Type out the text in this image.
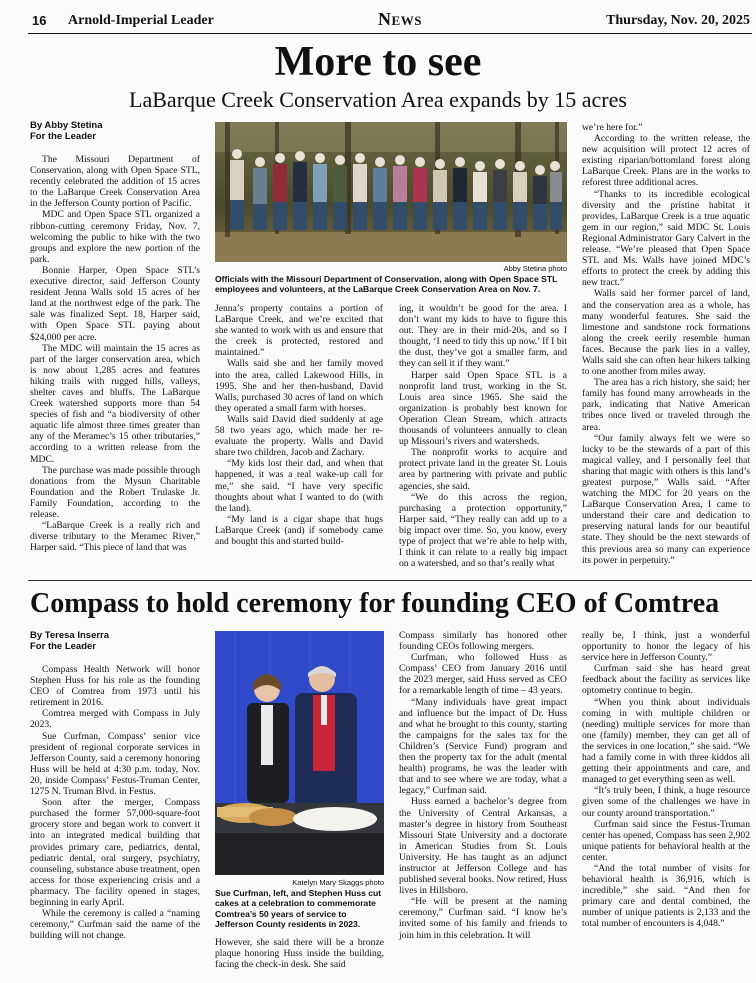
16 Arnold-Imperial Leader	News	Thursday, Nov. 20, 2025
More to see
LaBarque Creek Conservation Area expands by 15 acres
By Abby Stetina
For the Leader

The Missouri Department of Conservation, along with Open Space STL, recently celebrated the addition of 15 acres to the LaBarque Creek Conservation Area in the Jefferson County portion of Pacific.

MDC and Open Space STL organized a ribbon-cutting ceremony Friday, Nov. 7, welcoming the public to hike with the two groups and explore the new portion of the park.

Bonnie Harper, Open Space STL’s executive director, said Jefferson County resident Jenna Walls sold 15 acres of her land at the northwest edge of the park. The sale was finalized Sept. 18, Harper said, with Open Space STL paying about $24,000 per acre.

The MDC will maintain the 15 acres as part of the larger conservation area, which is now about 1,285 acres and features hiking trails with rugged hills, valleys, shelter caves and bluffs. The LaBarque Creek watershed supports more than 54 species of fish and “a biodiversity of other aquatic life almost three times greater than any of the Meramec’s 15 other tributaries,” according to a written release from the MDC.

The purchase was made possible through donations from the Mysun Charitable Foundation and the Robert Trulaske Jr. Family Foundation, according to the release.

“LaBarque Creek is a really rich and diverse tributary to the Meramec River,” Harper said. “This piece of land that was

Abby Stetina photo
Officials with the Missouri Department of Conservation, along with Open Space STL employees and volunteers, at the LaBarque Creek Conservation Area on Nov. 7.

Jenna’s property contains a portion of LaBarque Creek, and we’re excited that she wanted to work with us and ensure that the creek is protected, restored and maintained.”

Walls said she and her family moved into the area, called Lakewood Hills, in 1995. She and her then-husband, David Walls, purchased 30 acres of land on which they operated a small farm with horses.

Walls said David died suddenly at age 58 two years ago, which made her re-evaluate the property. Walls and David share two children, Jacob and Zachary.

“My kids lost their dad, and when that happened, it was a real wake-up call for me,” she said. “I have very specific thoughts about what I wanted to do (with the land).

“My land is a cigar shape that hugs LaBarque Creek (and) if somebody came and bought this and started build-

ing, it wouldn’t be good for the area. I don’t want my kids to have to figure this out. They are in their mid-20s, and so I thought, ‘I need to tidy this up now.’ If I bit the dust, they’ve got a smaller farm, and they can sell it if they want.”

Harper said Open Space STL is a nonprofit land trust, working in the St. Louis area since 1965. She said the organization is probably best known for Operation Clean Stream, which attracts thousands of volunteers annually to clean up Missouri’s rivers and watersheds.

The nonprofit works to acquire and protect private land in the greater St. Louis area by partnering with private and public agencies, she said.

“We do this across the region, purchasing a protection opportunity,” Harper said. “They really can add up to a big impact over time. So, you know, every type of project that we’re able to help with, I think it can relate to a really big impact on a watershed, and so that’s really what

we’re here for.”

According to the written release, the new acquisition will protect 12 acres of existing riparian/bottomland forest along LaBarque Creek. Plans are in the works to reforest three additional acres.

“Thanks to its incredible ecological diversity and the pristine habitat it provides, LaBarque Creek is a true aquatic gem in our region,” said MDC St. Louis Regional Administrator Gary Calvert in the release. “We’re pleased that Open Space STL and Ms. Walls have joined MDC’s efforts to protect the creek by adding this new tract.”

Walls said her former parcel of land, and the conservation area as a whole, has many wonderful features. She said the limestone and sandstone rock formations along the creek eerily resemble human faces. Because the park lies in a valley, Walls said she can often hear hikers talking to one another from miles away.

The area has a rich history, she said; her family has found many arrowheads in the park, indicating that Native American tribes once lived or traveled through the area.

“Our family always felt we were so lucky to be the stewards of a part of this magical valley, and I personally feel that sharing that magic with others is this land’s greatest purpose,” Walls said. “After watching the MDC for 20 years on the LaBarque Conservation Area, I came to understand their care and dedication to preserving natural lands for our beautiful state. They should be the next stewards of this previous area so many can experience its power in perpetuity.”

Compass to hold ceremony for founding CEO of Comtrea
By Teresa Inserra
For the Leader

Compass Health Network will honor Stephen Huss for his role as the founding CEO of Comtrea from 1973 until his retirement in 2016.

Comtrea merged with Compass in July 2023.

Sue Curfman, Compass’ senior vice president of regional corporate services in Jefferson County, said a ceremony honoring Huss will be held at 4:30 p.m. today, Nov. 20, inside Compass’ Festus-Truman Center, 1275 N. Truman Blvd. in Festus.

Soon after the merger, Compass purchased the former 57,000-square-foot grocery store and began work to convert it into an integrated medical building that provides primary care, pediatrics, dental, pediatric dental, oral surgery, psychiatry, counseling, substance abuse treatment, open access for those experiencing crisis and a pharmacy. The facility opened in stages, beginning in early April.

While the ceremony is called a “naming ceremony,” Curfman said the name of the building will not change.

Katelyn Mary Skaggs photo
Sue Curfman, left, and Stephen Huss cut cakes at a celebration to commemorate Comtrea’s 50 years of service to Jefferson County residents in 2023.

However, she said there will be a bronze plaque honoring Huss inside the building, facing the check-in desk. She said

Compass similarly has honored other founding CEOs following mergers.

Curfman, who followed Huss as Compass’ CEO from January 2016 until the 2023 merger, said Huss served as CEO for a remarkable length of time – 43 years.

“Many individuals have great impact and influence but the impact of Dr. Huss and what he brought to this county, starting the campaigns for the sales tax for the Children’s (Service Fund) program and then the property tax for the adult (mental health) programs, he was the leader with that and to see where we are today, what a legacy,” Curfman said.

Huss earned a bachelor’s degree from the University of Central Arkansas, a master’s degree in history from Southeast Missouri State University and a doctorate in American Studies from St. Louis University. He has taught as an adjunct instructor at Jefferson College and has published several books. Now retired, Huss lives in Hillsboro.

“He will be present at the naming ceremony,” Curfman said. “I know he’s invited some of his family and friends to join him in this celebration. It will

really be, I think, just a wonderful opportunity to honor the legacy of his service here in Jefferson County.”

Curfman said she has heard great feedback about the facility as services like optometry continue to begin.

“When you think about individuals coming in with multiple children or (needing) multiple services for more than one (family) member, they can get all of the services in one location,” she said. “We had a family come in with three kiddos all getting their appointments and care, and managed to get everything seen as well.

“It’s truly been, I think, a huge resource given some of the challenges we have in our county around transportation.”

Curfman said since the Festus-Truman center has opened, Compass has seen 2,902 unique patients for behavioral health at the center.

“And the total number of visits for behavioral health is 36,916, which is incredible,” she said. “And then for primary care and dental combined, the number of unique patients is 2,133 and the total number of encounters is 4,048.”
